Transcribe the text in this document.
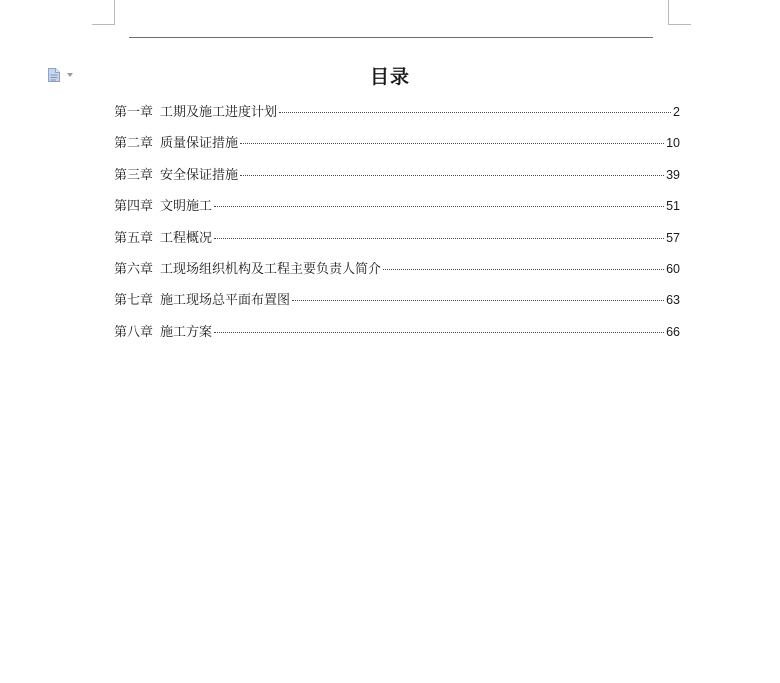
目录
第一章 工期及施工进度计划	2
第二章 质量保证措施	10
第三章 安全保证措施	39
第四章 文明施工	51
第五章 工程概况	57
第六章 工现场组织机构及工程主要负责人简介	60
第七章 施工现场总平面布置图	63
第八章 施工方案	66
